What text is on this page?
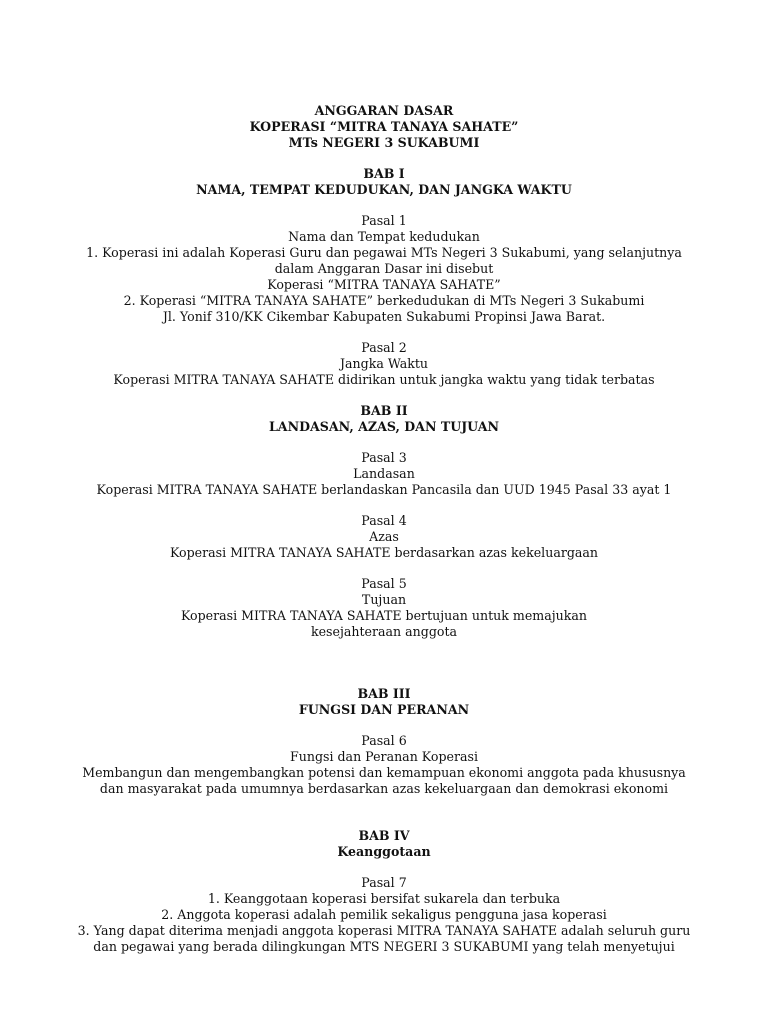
ANGGARAN DASAR
KOPERASI “MITRA TANAYA SAHATE”
MTs NEGERI 3 SUKABUMI
BAB I
NAMA, TEMPAT KEDUDUKAN, DAN JANGKA WAKTU
Pasal 1
Nama dan Tempat kedudukan
1. Koperasi ini adalah Koperasi Guru dan pegawai MTs Negeri 3 Sukabumi, yang selanjutnya
dalam Anggaran Dasar ini disebut
Koperasi “MITRA TANAYA SAHATE”
2. Koperasi “MITRA TANAYA SAHATE” berkedudukan di MTs Negeri 3 Sukabumi
Jl. Yonif 310/KK Cikembar Kabupaten Sukabumi Propinsi Jawa Barat.
Pasal 2
Jangka Waktu
Koperasi MITRA TANAYA SAHATE didirikan untuk jangka waktu yang tidak terbatas
BAB II
LANDASAN, AZAS, DAN TUJUAN
Pasal 3
Landasan
Koperasi MITRA TANAYA SAHATE berlandaskan Pancasila dan UUD 1945 Pasal 33 ayat 1
Pasal 4
Azas
Koperasi MITRA TANAYA SAHATE berdasarkan azas kekeluargaan
Pasal 5
Tujuan
Koperasi MITRA TANAYA SAHATE bertujuan untuk memajukan
kesejahteraan anggota
BAB III
FUNGSI DAN PERANAN
Pasal 6
Fungsi dan Peranan Koperasi
Membangun dan mengembangkan potensi dan kemampuan ekonomi anggota pada khususnya
dan masyarakat pada umumnya berdasarkan azas kekeluargaan dan demokrasi ekonomi
BAB IV
Keanggotaan
Pasal 7
1. Keanggotaan koperasi bersifat sukarela dan terbuka
2. Anggota koperasi adalah pemilik sekaligus pengguna jasa koperasi
3. Yang dapat diterima menjadi anggota koperasi MITRA TANAYA SAHATE adalah seluruh guru
dan pegawai yang berada dilingkungan MTS NEGERI 3 SUKABUMI yang telah menyetujui
